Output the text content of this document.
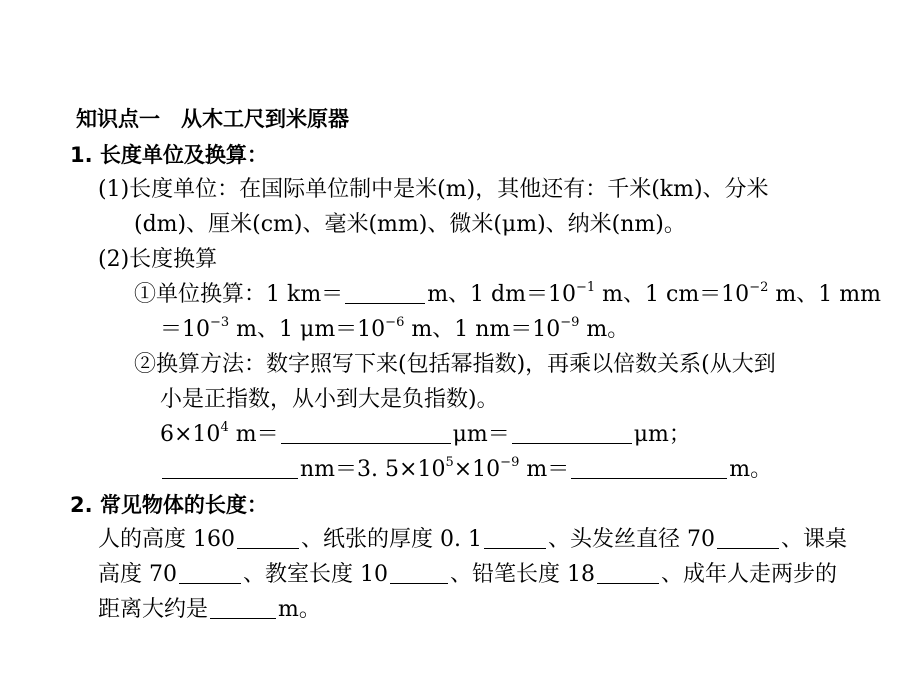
知识点一　从木工尺到米原器
1. 长度单位及换算：
(1)长度单位：在国际单位制中是米(m)，其他还有：千米(km)、分米
(dm)、厘米(cm)、毫米(mm)、微米(μm)、纳米(nm)。
(2)长度换算
①单位换算：1 km＝	m、1 $dm=10^{-1}$ m、1 $cm=10^{-2}$ m、1 mm
$=10^{-3}$ m、1 $\mu m=10^{-6}$ m、1 $nm=10^{-9}$ m。
②换算方法：数字照写下来(包括幂指数)，再乘以倍数关系(从大到
小是正指数，从小到大是负指数)。
$6\times 10^4$ m＝	μm＝	μm；
nm＝3. $5\times 10^5\times 10^{-9}$ m＝	m。
2. 常见物体的长度：
人的高度 160	、纸张的厚度 0. 1	、头发丝直径 70	、课桌
高度 70	、教室长度 10	、铅笔长度 18	、成年人走两步的
距离大约是	m。
